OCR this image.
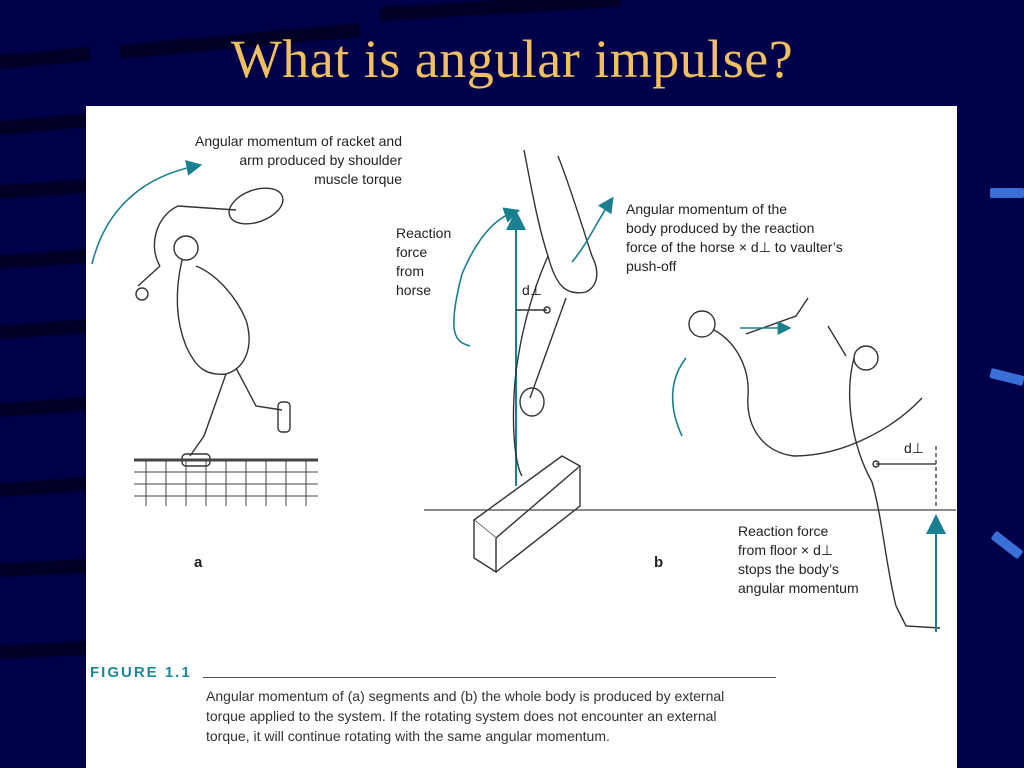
What is angular impulse?
Angular momentum of racket and
arm produced by shoulder
muscle torque
Reaction
force
from
horse
Angular momentum of the
body produced by the reaction
force of the horse × d⊥ to vaulter’s
push-off
Reaction force
from floor × d⊥
stops the body’s
angular momentum
d⊥
d⊥
a	b
FIGURE 1.1
Angular momentum of (a) segments and (b) the whole body is produced by external
torque applied to the system. If the rotating system does not encounter an external
torque, it will continue rotating with the same angular momentum.
